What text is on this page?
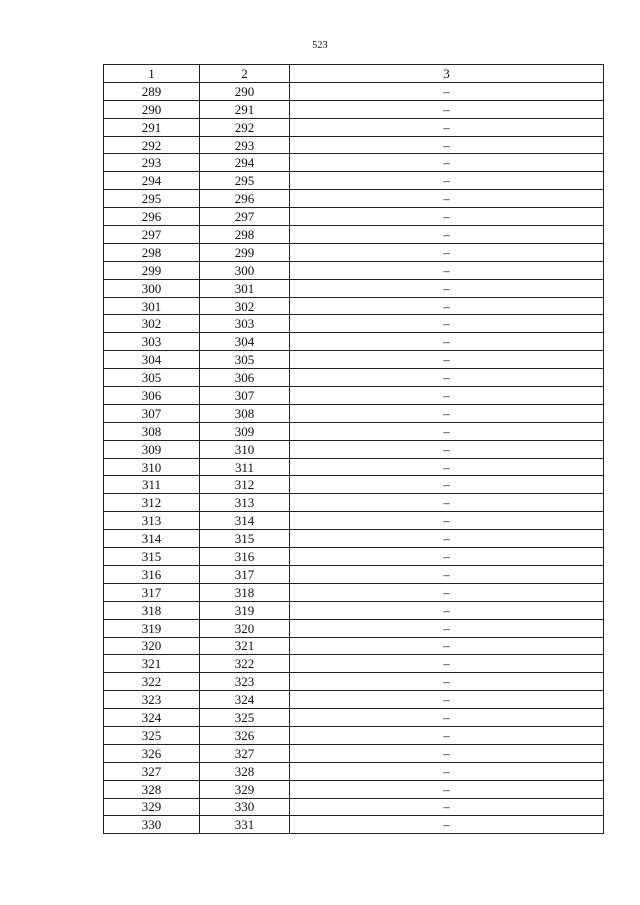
523
1	2	3
289	290	–
290	291	–
291	292	–
292	293	–
293	294	–
294	295	–
295	296	–
296	297	–
297	298	–
298	299	–
299	300	–
300	301	–
301	302	–
302	303	–
303	304	–
304	305	–
305	306	–
306	307	–
307	308	–
308	309	–
309	310	–
310	311	–
311	312	–
312	313	–
313	314	–
314	315	–
315	316	–
316	317	–
317	318	–
318	319	–
319	320	–
320	321	–
321	322	–
322	323	–
323	324	–
324	325	–
325	326	–
326	327	–
327	328	–
328	329	–
329	330	–
330	331	–
